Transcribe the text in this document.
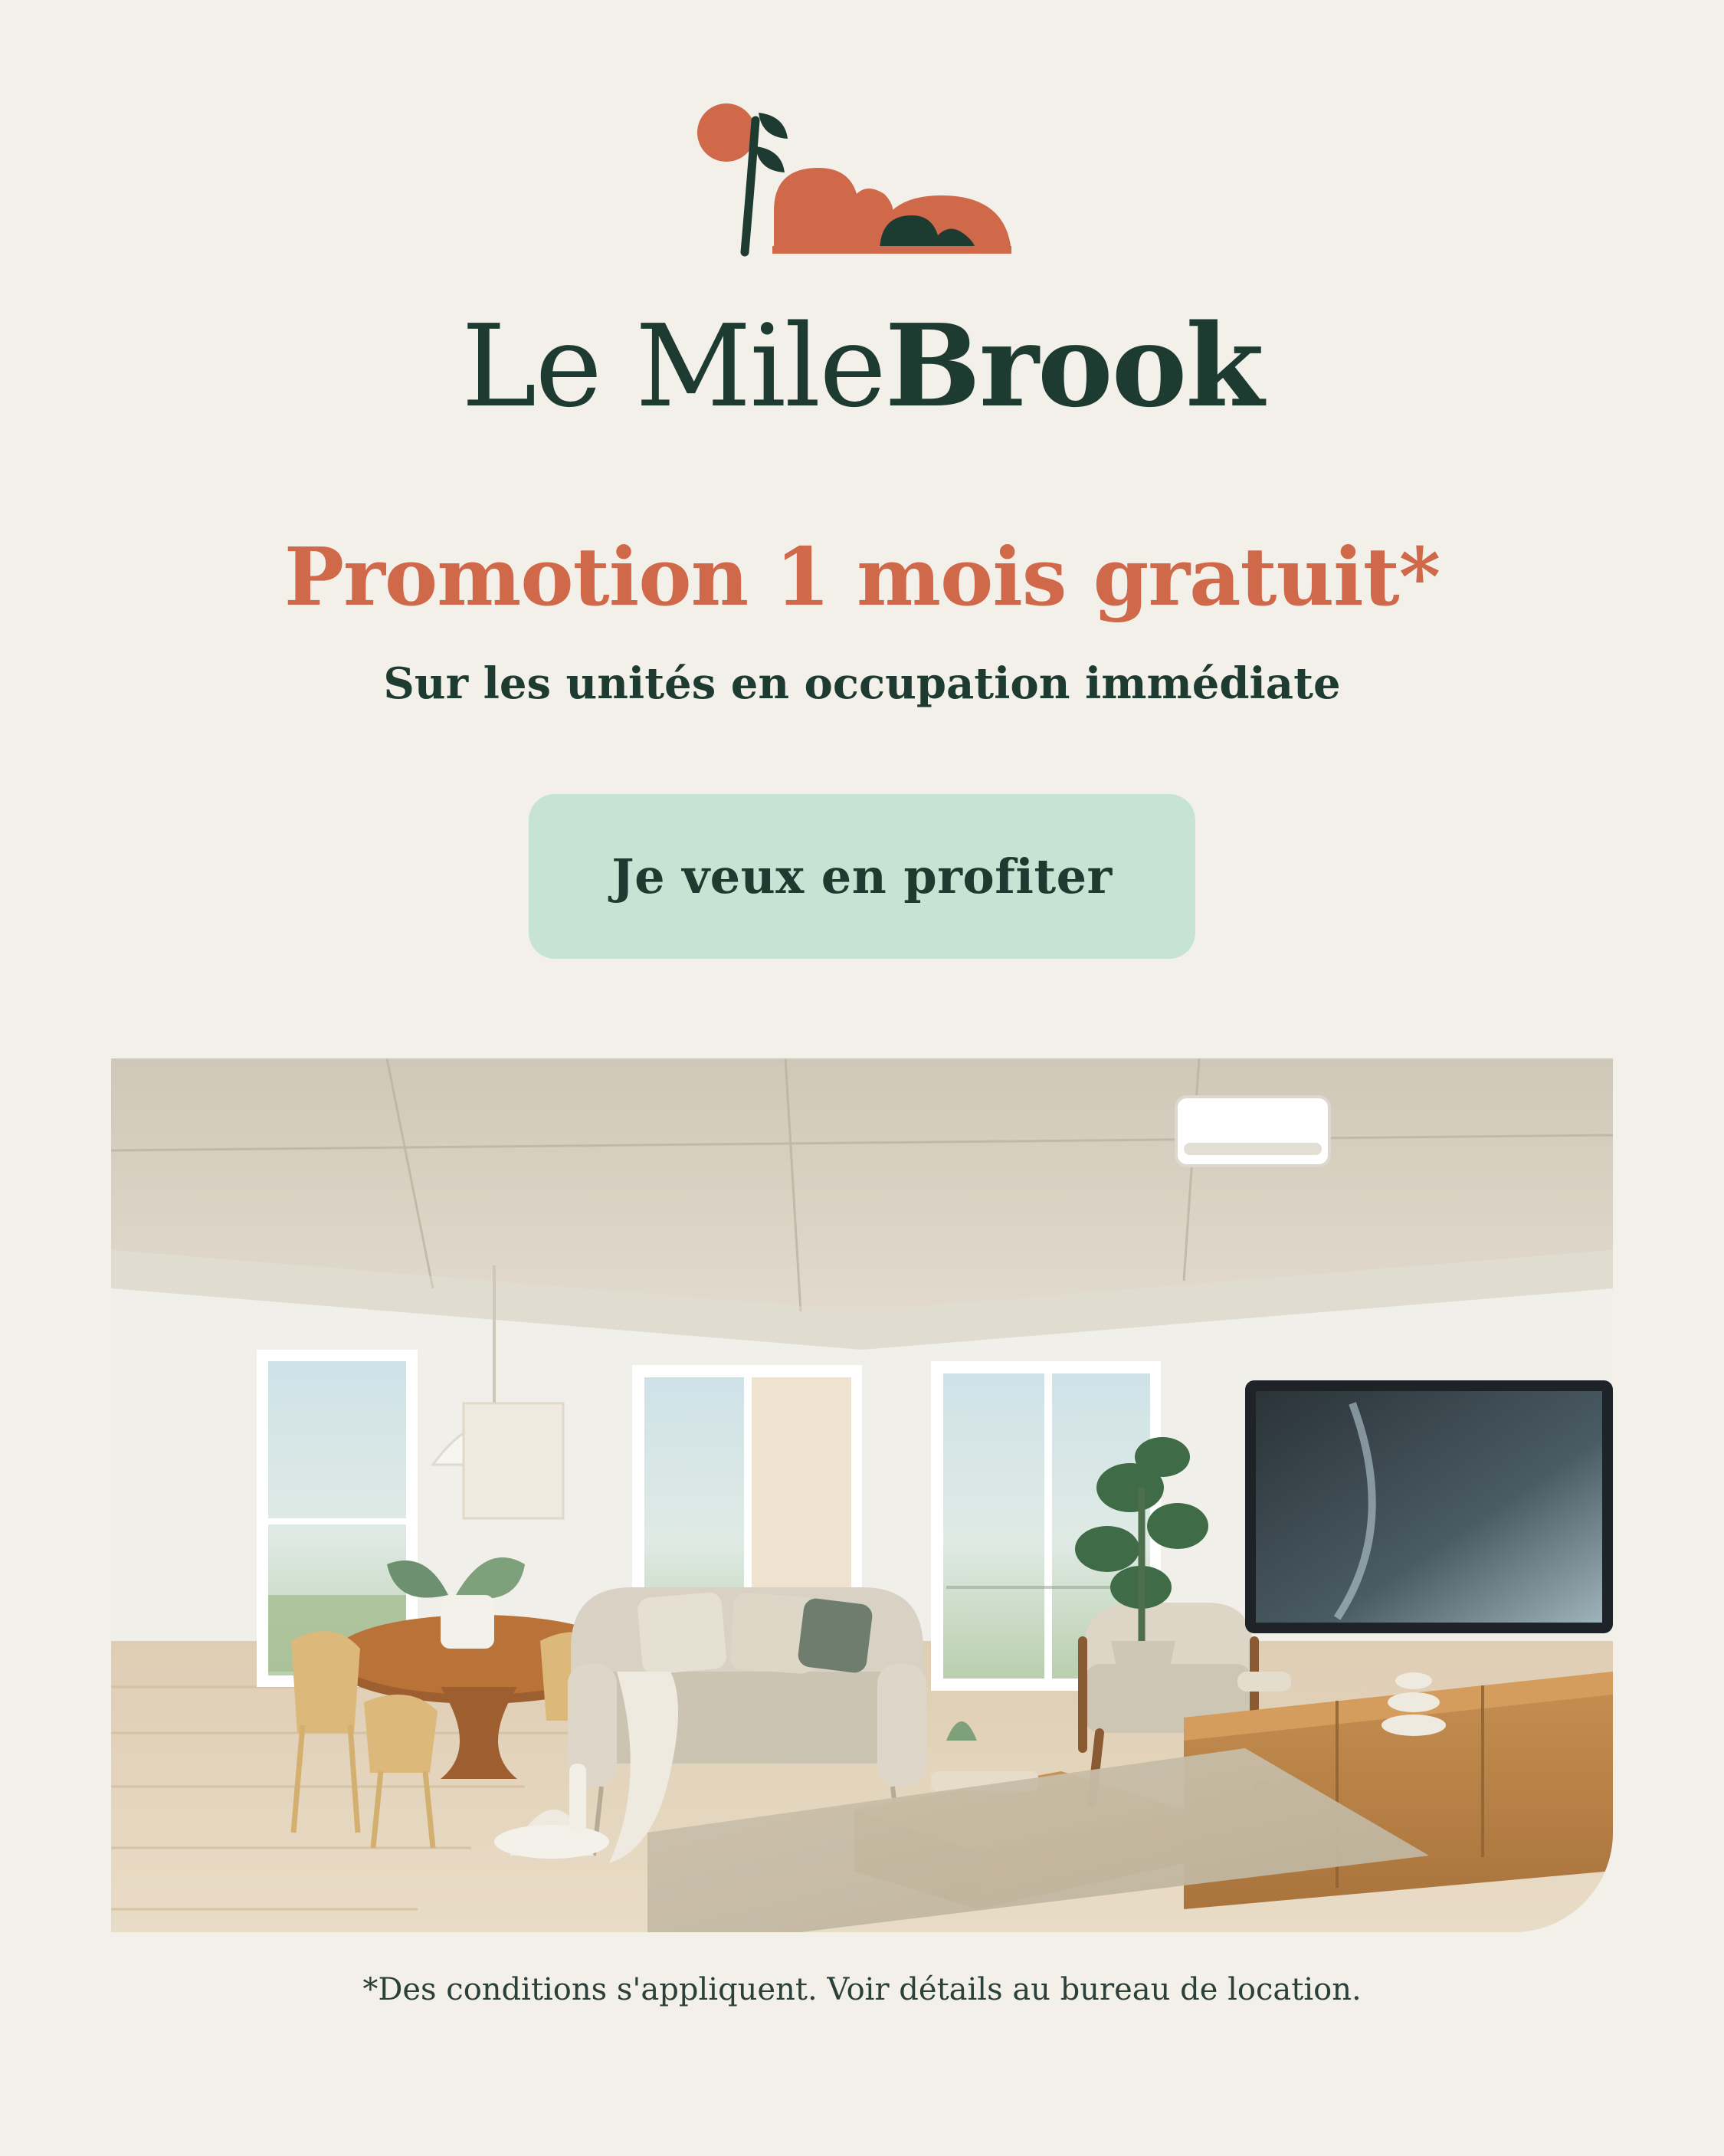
Le MileBrook
Promotion 1 mois gratuit*
Sur les unités en occupation immédiate
Je veux en profiter
*Des conditions s'appliquent. Voir détails au bureau de location.
